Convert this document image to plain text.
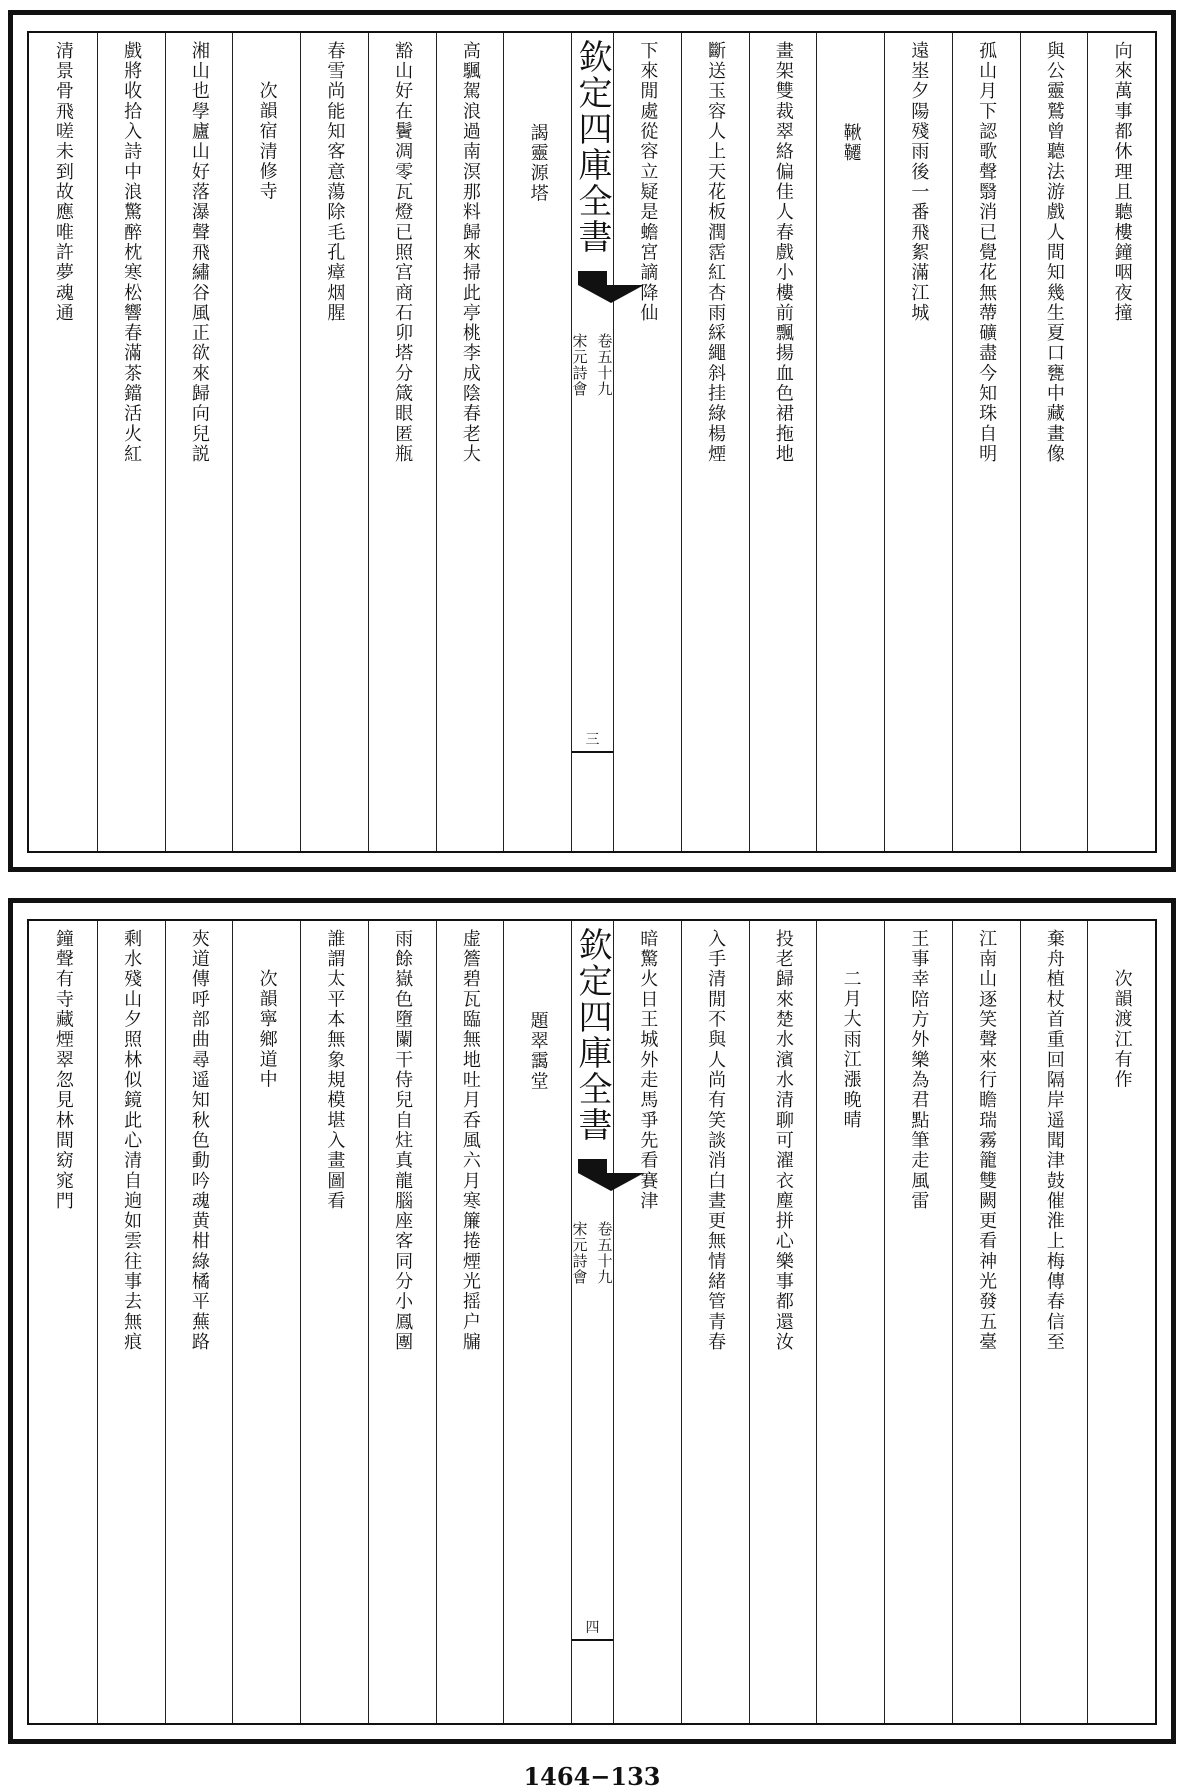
向來萬事都休理且聽樓鐘咽夜撞
與公靈鷲曾聽法游戲人間知幾生夏口甕中藏畫像
孤山月下認歌聲翳消已覺花無蔕礦盡今知珠自明
遠埊夕陽殘雨後一番飛絮滿江城
鞦韆
畫架雙裁翠絡偏佳人春戲小樓前飄揚血色裙拖地
斷送玉容人上天花板潤霑紅杏雨綵繩斜挂綠楊煙
下來閒處從容立疑是蟾宮謫降仙
欽定四庫全書
宋元詩會 卷五十九
三
謁靈源塔
高颿駕浪過南溟那料歸來掃此亭桃李成陰春老大
豁山好在鬢凋零瓦燈已照宫商石卯塔分箴眼匿瓶
春雪尚能知客意蕩除毛孔瘴烟腥
次韻宿清修寺
湘山也學廬山好落瀑聲飛繡谷風正欲來歸向兒説
戲將收拾入詩中浪驚醉枕寒松響春滿茶鐺活火紅
清景骨飛嗟未到故應唯許夢魂通
次韻渡江有作
棄舟植杖首重回隔岸遥聞津鼓催淮上梅傳春信至
江南山逐笑聲來行瞻瑞霧籠雙闕更看神光發五臺
王事幸陪方外樂為君點筆走風雷
二月大雨江漲晚晴
投老歸來楚水濱水清聊可濯衣塵拼心樂事都還汝
入手清閒不與人尚有笑談消白晝更無情緒管青春
暗驚火日王城外走馬爭先看賽津
欽定四庫全書
宋元詩會 卷五十九
四
題翠靄堂
虚簷碧瓦臨無地吐月呑風六月寒簾捲煙光摇户牖
雨餘嶽色墮闌干侍兒自炷真龍腦座客同分小鳳團
誰謂太平本無象規模堪入畫圖看
次韻寧鄉道中
夾道傳呼部曲尋遥知秋色動吟魂黄柑綠橘平蕪路
剩水殘山夕照林似鏡此心清自逈如雲往事去無痕
鐘聲有寺藏煙翠忽見林間窈窕門
1464−133
